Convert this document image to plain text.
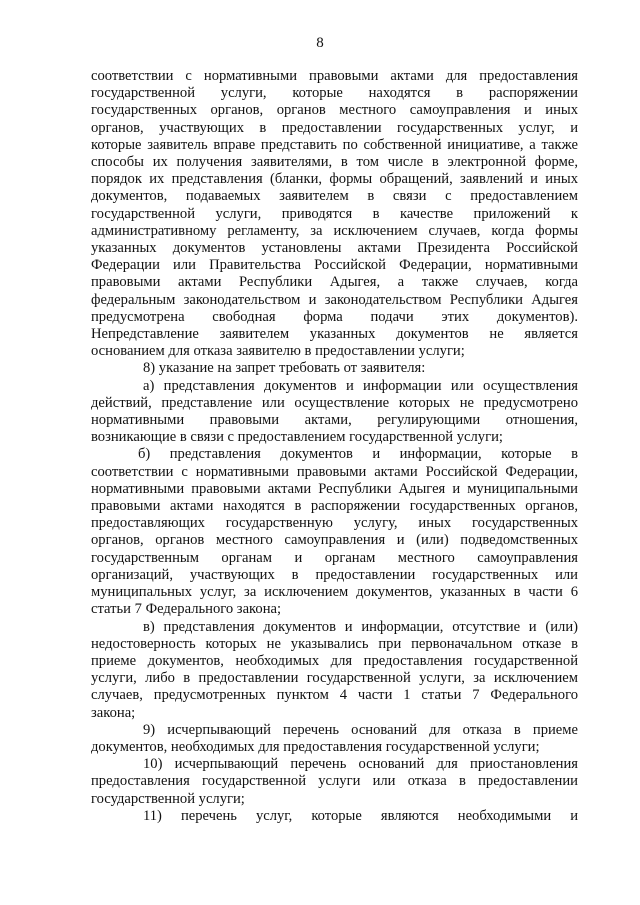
8
соответствии с нормативными правовыми актами для предоставления
государственной услуги, которые находятся в распоряжении
государственных органов, органов местного самоуправления и иных
органов, участвующих в предоставлении государственных услуг, и
которые заявитель вправе представить по собственной инициативе, а также
способы их получения заявителями, в том числе в электронной форме,
порядок их представления (бланки, формы обращений, заявлений и иных
документов, подаваемых заявителем в связи с предоставлением
государственной услуги, приводятся в качестве приложений к
административному регламенту, за исключением случаев, когда формы
указанных документов установлены актами Президента Российской
Федерации или Правительства Российской Федерации, нормативными
правовыми актами Республики Адыгея, а также случаев, когда
федеральным законодательством и законодательством Республики Адыгея
предусмотрена свободная форма подачи этих документов).
Непредставление заявителем указанных документов не является
основанием для отказа заявителю в предоставлении услуги;
8) указание на запрет требовать от заявителя:
а) представления документов и информации или осуществления
действий, представление или осуществление которых не предусмотрено
нормативными правовыми актами, регулирующими отношения,
возникающие в связи с предоставлением государственной услуги;
б) представления документов и информации, которые в
соответствии с нормативными правовыми актами Российской Федерации,
нормативными правовыми актами Республики Адыгея и муниципальными
правовыми актами находятся в распоряжении государственных органов,
предоставляющих государственную услугу, иных государственных
органов, органов местного самоуправления и (или) подведомственных
государственным органам и органам местного самоуправления
организаций, участвующих в предоставлении государственных или
муниципальных услуг, за исключением документов, указанных в части 6
статьи 7 Федерального закона;
в) представления документов и информации, отсутствие и (или)
недостоверность которых не указывались при первоначальном отказе в
приеме документов, необходимых для предоставления государственной
услуги, либо в предоставлении государственной услуги, за исключением
случаев, предусмотренных пунктом 4 части 1 статьи 7 Федерального
закона;
9) исчерпывающий перечень оснований для отказа в приеме
документов, необходимых для предоставления государственной услуги;
10) исчерпывающий перечень оснований для приостановления
предоставления государственной услуги или отказа в предоставлении
государственной услуги;
11) перечень услуг, которые являются необходимыми и
